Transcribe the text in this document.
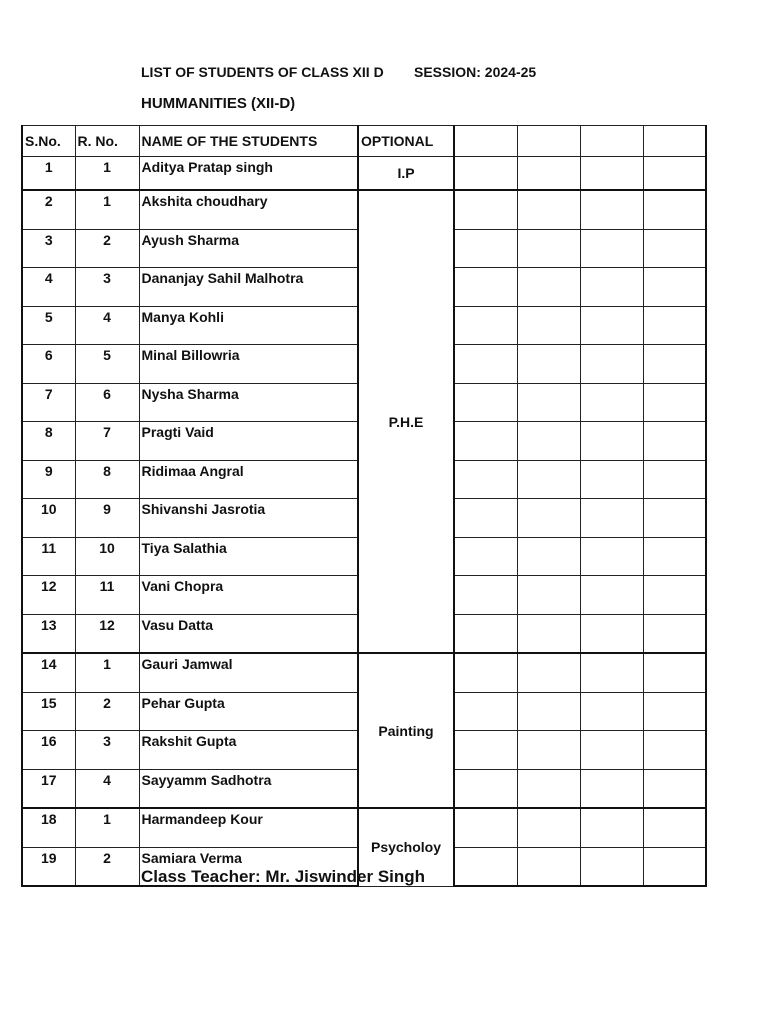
LIST OF STUDENTS OF CLASS XII D SESSION: 2024-25
HUMMANITIES (XII-D)
S.No.	R. No.	NAME OF THE STUDENTS	OPTIONAL				
1	1	Aditya Pratap singh	I.P				
2	1	Akshita choudhary	P.H.E				
3	2	Ayush Sharma					
4	3	Dananjay Sahil Malhotra					
5	4	Manya Kohli					
6	5	Minal Billowria					
7	6	Nysha Sharma					
8	7	Pragti Vaid					
9	8	Ridimaa Angral					
10	9	Shivanshi Jasrotia					
11	10	Tiya Salathia					
12	11	Vani Chopra					
13	12	Vasu Datta					
14	1	Gauri Jamwal	Painting				
15	2	Pehar Gupta					
16	3	Rakshit Gupta					
17	4	Sayyamm Sadhotra					
18	1	Harmandeep Kour	Psycholoy				
19	2	Samiara Verma					
Class Teacher: Mr. Jiswinder Singh
